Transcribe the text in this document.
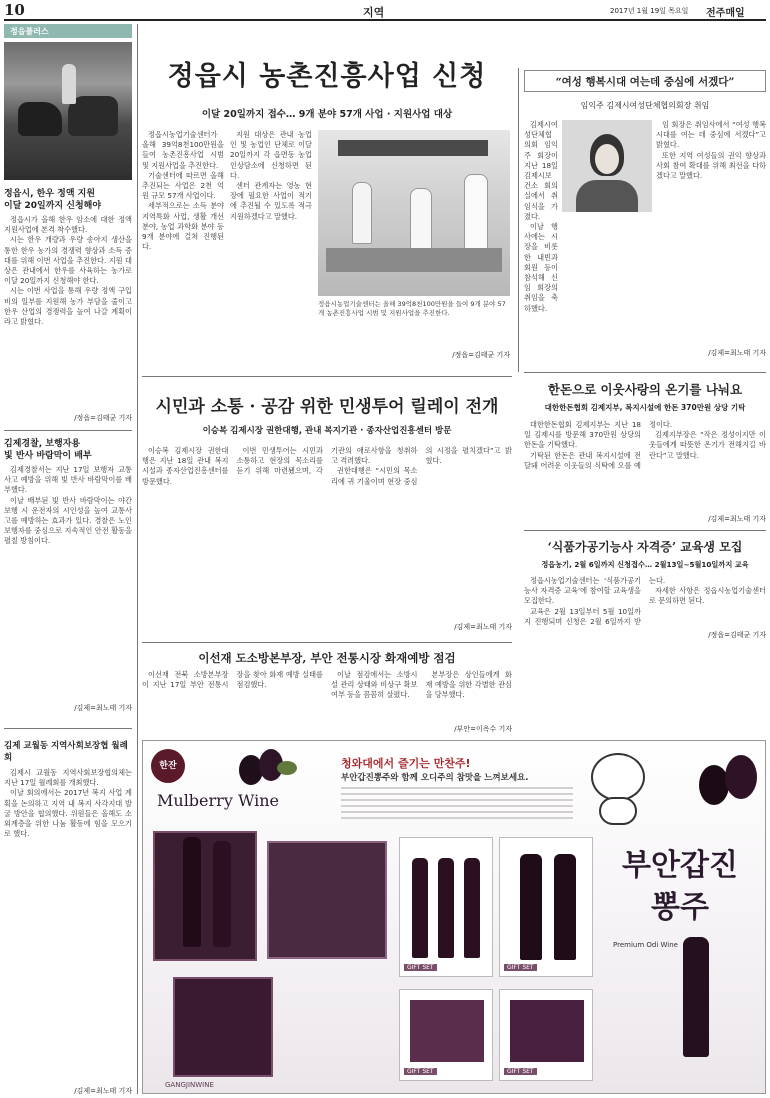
10	지역	2017년 1월 19일 목요일 전주매일
정읍플러스
정읍시, 한우 정액 지원
이달 20일까지 신청해야

정읍시가 올해 한우 암소에 대한 정액 지원사업에 본격 착수했다.

시는 한우 개량과 우량 송아지 생산을 통한 한우 농가의 경쟁력 향상과 소득 증대를 위해 이번 사업을 추진한다. 지원 대상은 관내에서 한우를 사육하는 농가로 이달 20일까지 신청해야 한다.

시는 이번 사업을 통해 우량 정액 구입비의 일부를 지원해 농가 부담을 줄이고 한우 산업의 경쟁력을 높여 나갈 계획이라고 밝혔다.

/정읍=김태균 기자
김제경찰, 보행자용
빛 반사 바람막이 배부

김제경찰서는 지난 17일 보행자 교통사고 예방을 위해 빛 반사 바람막이를 배부했다.

이날 배부된 빛 반사 바람막이는 야간 보행 시 운전자의 시인성을 높여 교통사고를 예방하는 효과가 있다. 경찰은 노인 보행자를 중심으로 지속적인 안전 활동을 펼칠 방침이다.

/김제=최노태 기자
김제 교월동 지역사회보장협 월례회

김제시 교월동 지역사회보장협의체는 지난 17일 월례회를 개최했다.

이날 회의에서는 2017년 복지 사업 계획을 논의하고 지역 내 복지 사각지대 발굴 방안을 협의했다. 위원들은 올해도 소외계층을 위한 나눔 활동에 힘을 모으기로 했다.

/김제=최노태 기자
정읍시 농촌진흥사업 신청
이달 20일까지 접수… 9개 분야 57개 사업 · 지원사업 대상

정읍시농업기술센터가 올해 39억8천100만원을 들여 농촌진흥사업 시범 및 지원사업을 추진한다.

기술센터에 따르면 올해 추진되는 사업은 2천 억 원 규모 57개 사업이다.

세부적으로는 소득 분야 지역특화 사업, 생활 개선 분야, 농업 과학화 분야 등 9개 분야에 걸쳐 진행된다.

지원 대상은 관내 농업인 및 농업인 단체로 이달 20일까지 각 읍면동 농업인상담소에 신청하면 된다.

센터 관계자는 영농 현장에 필요한 사업이 적기에 추진될 수 있도록 적극 지원하겠다고 말했다.

정읍시농업기술센터는 올해 39억8천100만원을 들여 9개 분야 57개 농촌진흥사업 시범 및 지원사업을 추진한다.
/정읍=김태균 기자
“여성 행복시대 여는데 중심에 서겠다”
임익주 김제시여성단체협의회장 취임

김제시여성단체협의회 임익주 회장이 지난 18일 김제시보건소 회의실에서 취임식을 가졌다.

이날 행사에는 시장을 비롯한 내빈과 회원 등이 참석해 신임 회장의 취임을 축하했다.

임 회장은 취임사에서 “여성 행복시대를 여는 데 중심에 서겠다”고 밝혔다.

또한 지역 여성들의 권익 향상과 사회 참여 확대를 위해 최선을 다하겠다고 말했다.

/김제=최노태 기자
시민과 소통 · 공감 위한 민생투어 릴레이 전개
이승복 김제시장 권한대행, 관내 복지기관 · 종자산업진흥센터 방문

이승복 김제시장 권한대행은 지난 18일 관내 복지시설과 종자산업진흥센터를 방문했다.

이번 민생투어는 시민과 소통하고 현장의 목소리를 듣기 위해 마련됐으며, 각 기관의 애로사항을 청취하고 격려했다.

권한대행은 “시민의 목소리에 귀 기울이며 현장 중심의 시정을 펼치겠다”고 밝혔다.

/김제=최노태 기자
한돈으로 이웃사랑의 온기를 나눠요
대한한돈협회 김제지부, 복지시설에 한돈 370만원 상당 기탁

대한한돈협회 김제지부는 지난 18일 김제시를 방문해 370만원 상당의 한돈을 기탁했다.

기탁된 한돈은 관내 복지시설에 전달돼 어려운 이웃들의 식탁에 오를 예정이다.

김제지부장은 “작은 정성이지만 이웃들에게 따뜻한 온기가 전해지길 바란다”고 말했다.

/김제=최노태 기자
‘식품가공기능사 자격증’ 교육생 모집
정읍농기, 2월 6일까지 신청접수… 2월13일~5월10일까지 교육

정읍시농업기술센터는 ‘식품가공기능사 자격증 교육’에 참여할 교육생을 모집한다.

교육은 2월 13일부터 5월 10일까지 진행되며 신청은 2월 6일까지 받는다.

자세한 사항은 정읍시농업기술센터로 문의하면 된다.

/정읍=김태균 기자
이선재 도소방본부장, 부안 전통시장 화재예방 점검

이선재 전북 소방본부장이 지난 17일 부안 전통시장을 찾아 화재 예방 실태를 점검했다.

이날 점검에서는 소방시설 관리 상태와 비상구 확보 여부 등을 꼼꼼히 살폈다.

본부장은 상인들에게 화재 예방을 위한 각별한 관심을 당부했다.

/부안=이옥수 기자
한잔
Mulberry Wine
청와대에서 즐기는 만찬주!
부안갑진뽕주와 함께 오디주의 참맛을 느껴보세요.
GIFT SET	GIFT SET
GIFT SET	GIFT SET
부안갑진 뽕주
Premium Odi Wine
GANGJINWINE
